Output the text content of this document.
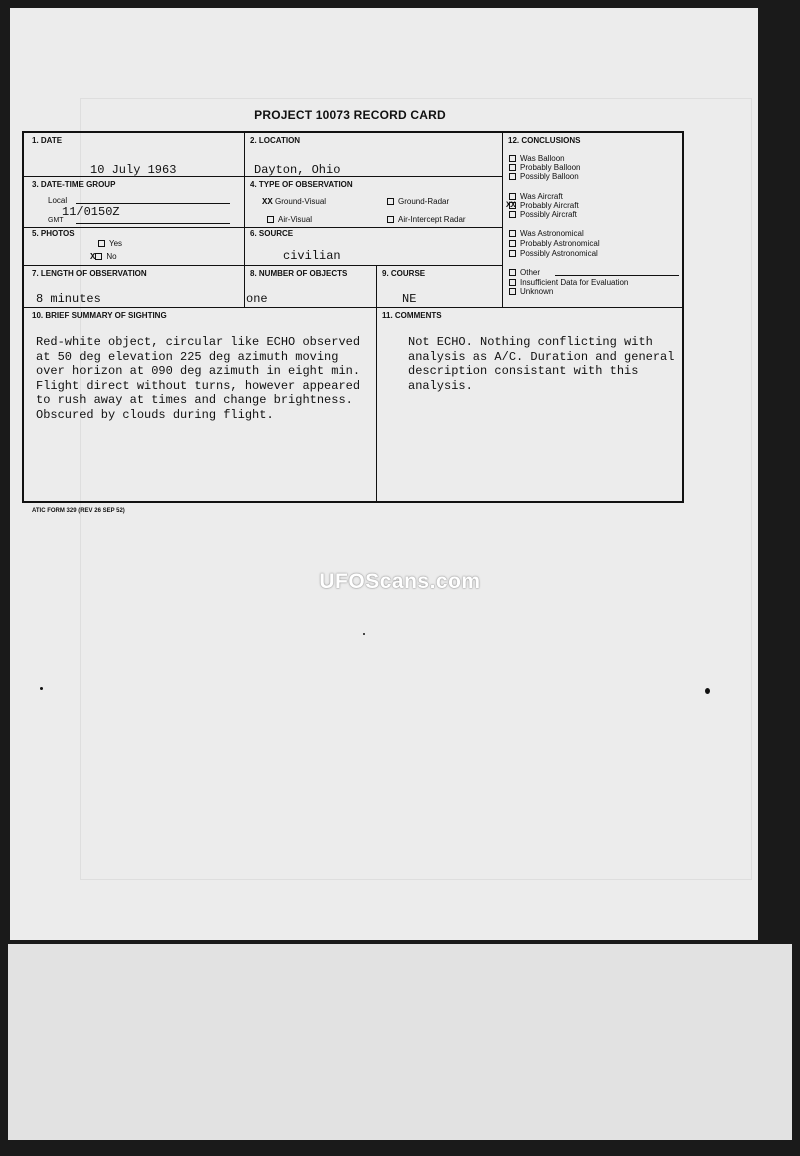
PROJECT 10073 RECORD CARD
1. DATE
10 July 1963
2. LOCATION
Dayton, Ohio
3. DATE-TIME GROUP
Local
GMT
11/0150Z
4. TYPE OF OBSERVATION
XX Ground-Visual	Ground-Radar
Air-Visual	Air-Intercept Radar
5. PHOTOS
Yes
X No
6. SOURCE
civilian
7. LENGTH OF OBSERVATION
8 minutes
8. NUMBER OF OBJECTS
one
9. COURSE
NE
12. CONCLUSIONS
Was Balloon
Probably Balloon
Possibly Balloon
Was Aircraft
Probably Aircraft
Possibly Aircraft
XX
Was Astronomical
Probably Astronomical
Possibly Astronomical
Other
Insufficient Data for Evaluation
Unknown
10. BRIEF SUMMARY OF SIGHTING
Red-white object, circular like ECHO observed
at 50 deg elevation 225 deg azimuth moving
over horizon at 090 deg azimuth in eight min.
Flight direct without turns, however appeared
to rush away at times and change brightness.
Obscured by clouds during flight.
11. COMMENTS
Not ECHO. Nothing conflicting with
analysis as A/C. Duration and general
description consistant with this
analysis.
ATIC FORM 329 (REV 26 SEP 52)
UFOScans.com
